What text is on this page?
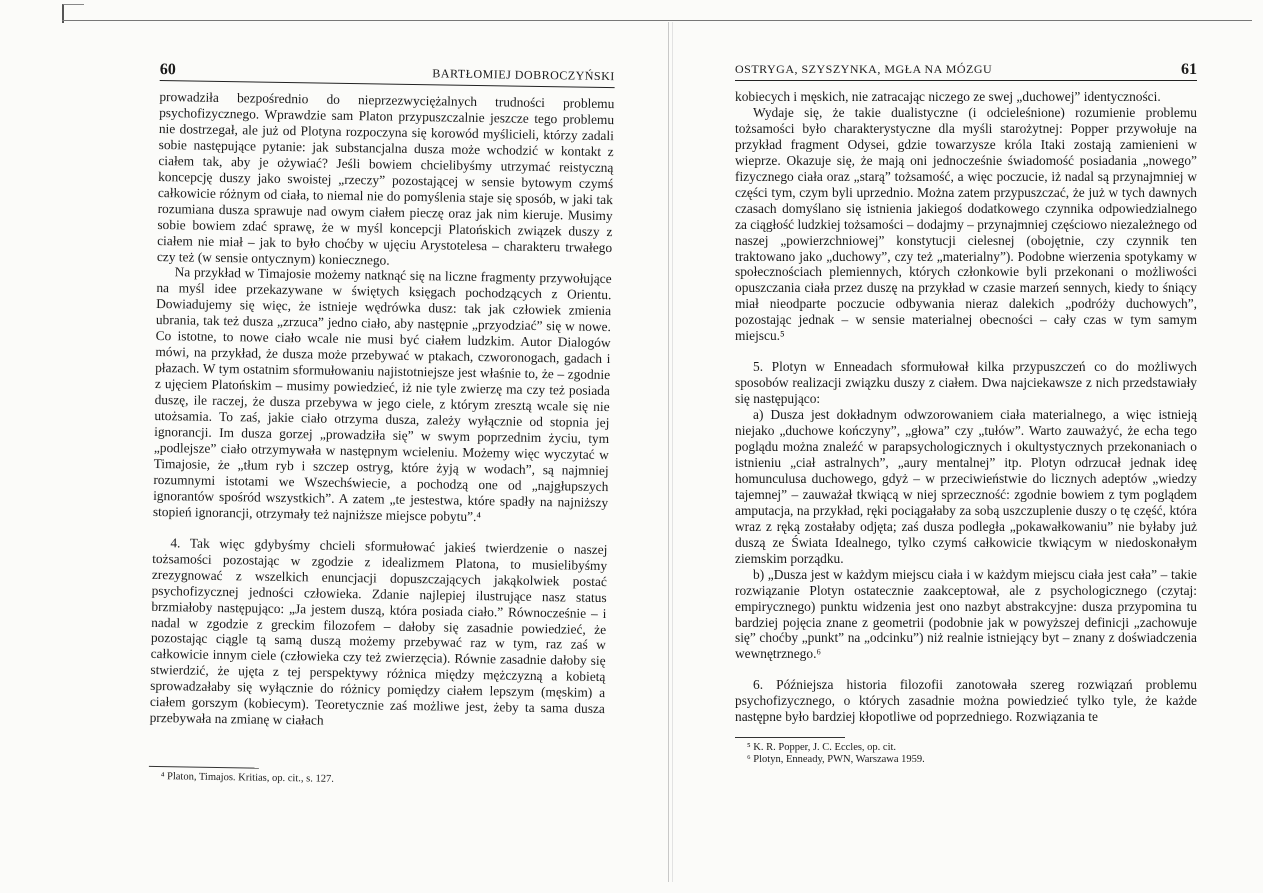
60	BARTŁOMIEJ DOBROCZYŃSKI

prowadziła bezpośrednio do nieprzezwyciężalnych trudności problemu psychofizycznego. Wprawdzie sam Platon przypuszczalnie jeszcze tego problemu nie dostrzegał, ale już od Plotyna rozpoczyna się korowód myślicieli, którzy zadali sobie następujące pytanie: jak substancjalna dusza może wchodzić w kontakt z ciałem tak, aby je ożywiać? Jeśli bowiem chcielibyśmy utrzymać reistyczną koncepcję duszy jako swoistej „rzeczy” pozostającej w sensie bytowym czymś całkowicie różnym od ciała, to niemal nie do pomyślenia staje się sposób, w jaki tak rozumiana dusza sprawuje nad owym ciałem pieczę oraz jak nim kieruje. Musimy sobie bowiem zdać sprawę, że w myśl koncepcji Platońskich związek duszy z ciałem nie miał – jak to było choćby w ujęciu Arystotelesa – charakteru trwałego czy też (w sensie ontycznym) koniecznego.

Na przykład w Timajosie możemy natknąć się na liczne fragmenty przywołujące na myśl idee przekazywane w świętych księgach pochodzących z Orientu. Dowiadujemy się więc, że istnieje wędrówka dusz: tak jak człowiek zmienia ubrania, tak też dusza „zrzuca” jedno ciało, aby następnie „przyodziać” się w nowe. Co istotne, to nowe ciało wcale nie musi być ciałem ludzkim. Autor Dialogów mówi, na przykład, że dusza może przebywać w ptakach, czworonogach, gadach i płazach. W tym ostatnim sformułowaniu najistotniejsze jest właśnie to, że – zgodnie z ujęciem Platońskim – musimy powiedzieć, iż nie tyle zwierzę ma czy też posiada duszę, ile raczej, że dusza przebywa w jego ciele, z którym zresztą wcale się nie utożsamia. To zaś, jakie ciało otrzyma dusza, zależy wyłącznie od stopnia jej ignorancji. Im dusza gorzej „prowadziła się” w swym poprzednim życiu, tym „podlejsze” ciało otrzymywała w następnym wcieleniu. Możemy więc wyczytać w Timajosie, że „tłum ryb i szczep ostryg, które żyją w wodach”, są najmniej rozumnymi istotami we Wszechświecie, a pochodzą one od „najgłupszych ignorantów spośród wszystkich”. A zatem „te jestestwa, które spadły na najniższy stopień ignorancji, otrzymały też najniższe miejsce pobytu”.⁴

4. Tak więc gdybyśmy chcieli sformułować jakieś twierdzenie o naszej tożsamości pozostając w zgodzie z idealizmem Platona, to musielibyśmy zrezygnować z wszelkich enuncjacji dopuszczających jakąkolwiek postać psychofizycznej jedności człowieka. Zdanie najlepiej ilustrujące nasz status brzmiałoby następująco: „Ja jestem duszą, która posiada ciało.” Równocześnie – i nadal w zgodzie z greckim filozofem – dałoby się zasadnie powiedzieć, że pozostając ciągle tą samą duszą możemy przebywać raz w tym, raz zaś w całkowicie innym ciele (człowieka czy też zwierzęcia). Równie zasadnie dałoby się stwierdzić, że ujęta z tej perspektywy różnica między mężczyzną a kobietą sprowadzałaby się wyłącznie do różnicy pomiędzy ciałem lepszym (męskim) a ciałem gorszym (kobiecym). Teoretycznie zaś możliwe jest, żeby ta sama dusza przebywała na zmianę w ciałach

⁴ Platon, Timajos. Kritias, op. cit., s. 127.

OSTRYGA, SZYSZYNKA, MGŁA NA MÓZGU	61

kobiecych i męskich, nie zatracając niczego ze swej „duchowej” identyczności.

Wydaje się, że takie dualistyczne (i odcieleśnione) rozumienie problemu tożsamości było charakterystyczne dla myśli starożytnej: Popper przywołuje na przykład fragment Odysei, gdzie towarzysze króla Itaki zostają zamienieni w wieprze. Okazuje się, że mają oni jednocześnie świadomość posiadania „nowego” fizycznego ciała oraz „starą” tożsamość, a więc poczucie, iż nadal są przynajmniej w części tym, czym byli uprzednio. Można zatem przypuszczać, że już w tych dawnych czasach domyślano się istnienia jakiegoś dodatkowego czynnika odpowiedzialnego za ciągłość ludzkiej tożsamości – dodajmy – przynajmniej częściowo niezależnego od naszej „powierzchniowej” konstytucji cielesnej (obojętnie, czy czynnik ten traktowano jako „duchowy”, czy też „materialny”). Podobne wierzenia spotykamy w społecznościach plemiennych, których członkowie byli przekonani o możliwości opuszczania ciała przez duszę na przykład w czasie marzeń sennych, kiedy to śniący miał nieodparte poczucie odbywania nieraz dalekich „podróży duchowych”, pozostając jednak – w sensie materialnej obecności – cały czas w tym samym miejscu.⁵

5. Plotyn w Enneadach sformułował kilka przypuszczeń co do możliwych sposobów realizacji związku duszy z ciałem. Dwa najciekawsze z nich przedstawiały się następująco:

a) Dusza jest dokładnym odwzorowaniem ciała materialnego, a więc istnieją niejako „duchowe kończyny”, „głowa” czy „tułów”. Warto zauważyć, że echa tego poglądu można znaleźć w parapsychologicznych i okultystycznych przekonaniach o istnieniu „ciał astralnych”, „aury mentalnej” itp. Plotyn odrzucał jednak ideę homunculusa duchowego, gdyż – w przeciwieństwie do licznych adeptów „wiedzy tajemnej” – zauważał tkwiącą w niej sprzeczność: zgodnie bowiem z tym poglądem amputacja, na przykład, ręki pociągałaby za sobą uszczuplenie duszy o tę część, która wraz z ręką zostałaby odjęta; zaś dusza podległa „pokawałkowaniu” nie byłaby już duszą ze Świata Idealnego, tylko czymś całkowicie tkwiącym w niedoskonałym ziemskim porządku.

b) „Dusza jest w każdym miejscu ciała i w każdym miejscu ciała jest cała” – takie rozwiązanie Plotyn ostatecznie zaakceptował, ale z psychologicznego (czytaj: empirycznego) punktu widzenia jest ono nazbyt abstrakcyjne: dusza przypomina tu bardziej pojęcia znane z geometrii (podobnie jak w powyższej definicji „zachowuje się” choćby „punkt” na „odcinku”) niż realnie istniejący byt – znany z doświadczenia wewnętrznego.⁶

6. Późniejsza historia filozofii zanotowała szereg rozwiązań problemu psychofizycznego, o których zasadnie można powiedzieć tylko tyle, że każde następne było bardziej kłopotliwe od poprzedniego. Rozwiązania te

⁵ K. R. Popper, J. C. Eccles, op. cit.

⁶ Plotyn, Enneady, PWN, Warszawa 1959.
